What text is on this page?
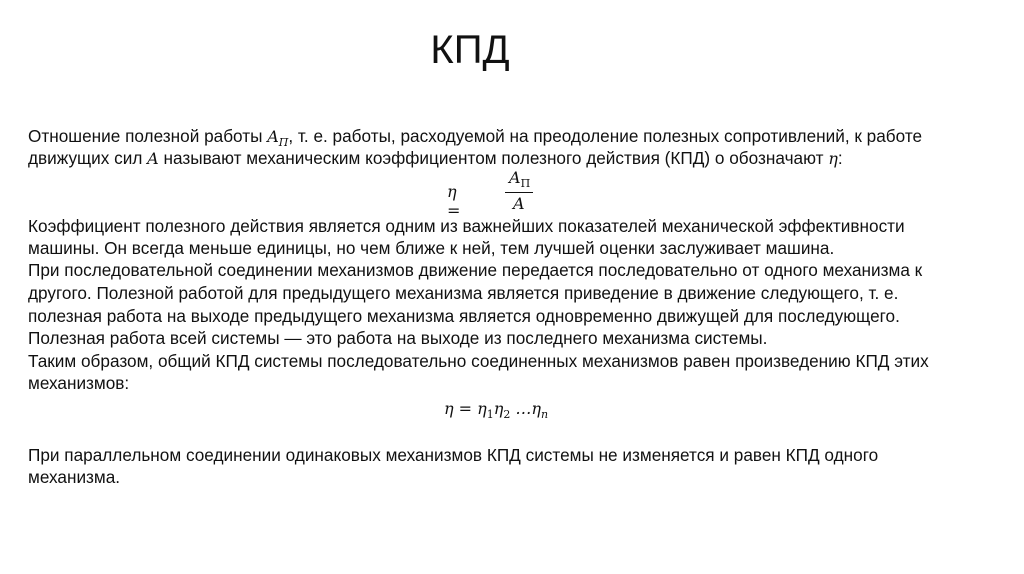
КПД
Отношение полезной работы $A_П$, т. е. работы, расходуемой на преодоление полезных сопротивлений, к работе
движущих сил A называют механическим коэффициентом полезного действия (КПД) о обозначают η:
η =
$A_П$
A
Коэффициент полезного действия является одним из важнейших показателей механической эффективности
машины. Он всегда меньше единицы, но чем ближе к ней, тем лучшей оценки заслуживает машина.
При последовательной соединении механизмов движение передается последовательно от одного механизма к
другого. Полезной работой для предыдущего механизма является приведение в движение следующего, т. е.
полезная работа на выходе предыдущего механизма является одновременно движущей для последующего.
Полезная работа всей системы — это работа на выходе из последнего механизма системы.
Таким образом, общий КПД системы последовательно соединенных механизмов равен произведению КПД этих
механизмов:
$\eta = \eta_1\eta_2$ $\dots\eta_n$
При параллельном соединении одинаковых механизмов КПД системы не изменяется и равен КПД одного
механизма.
